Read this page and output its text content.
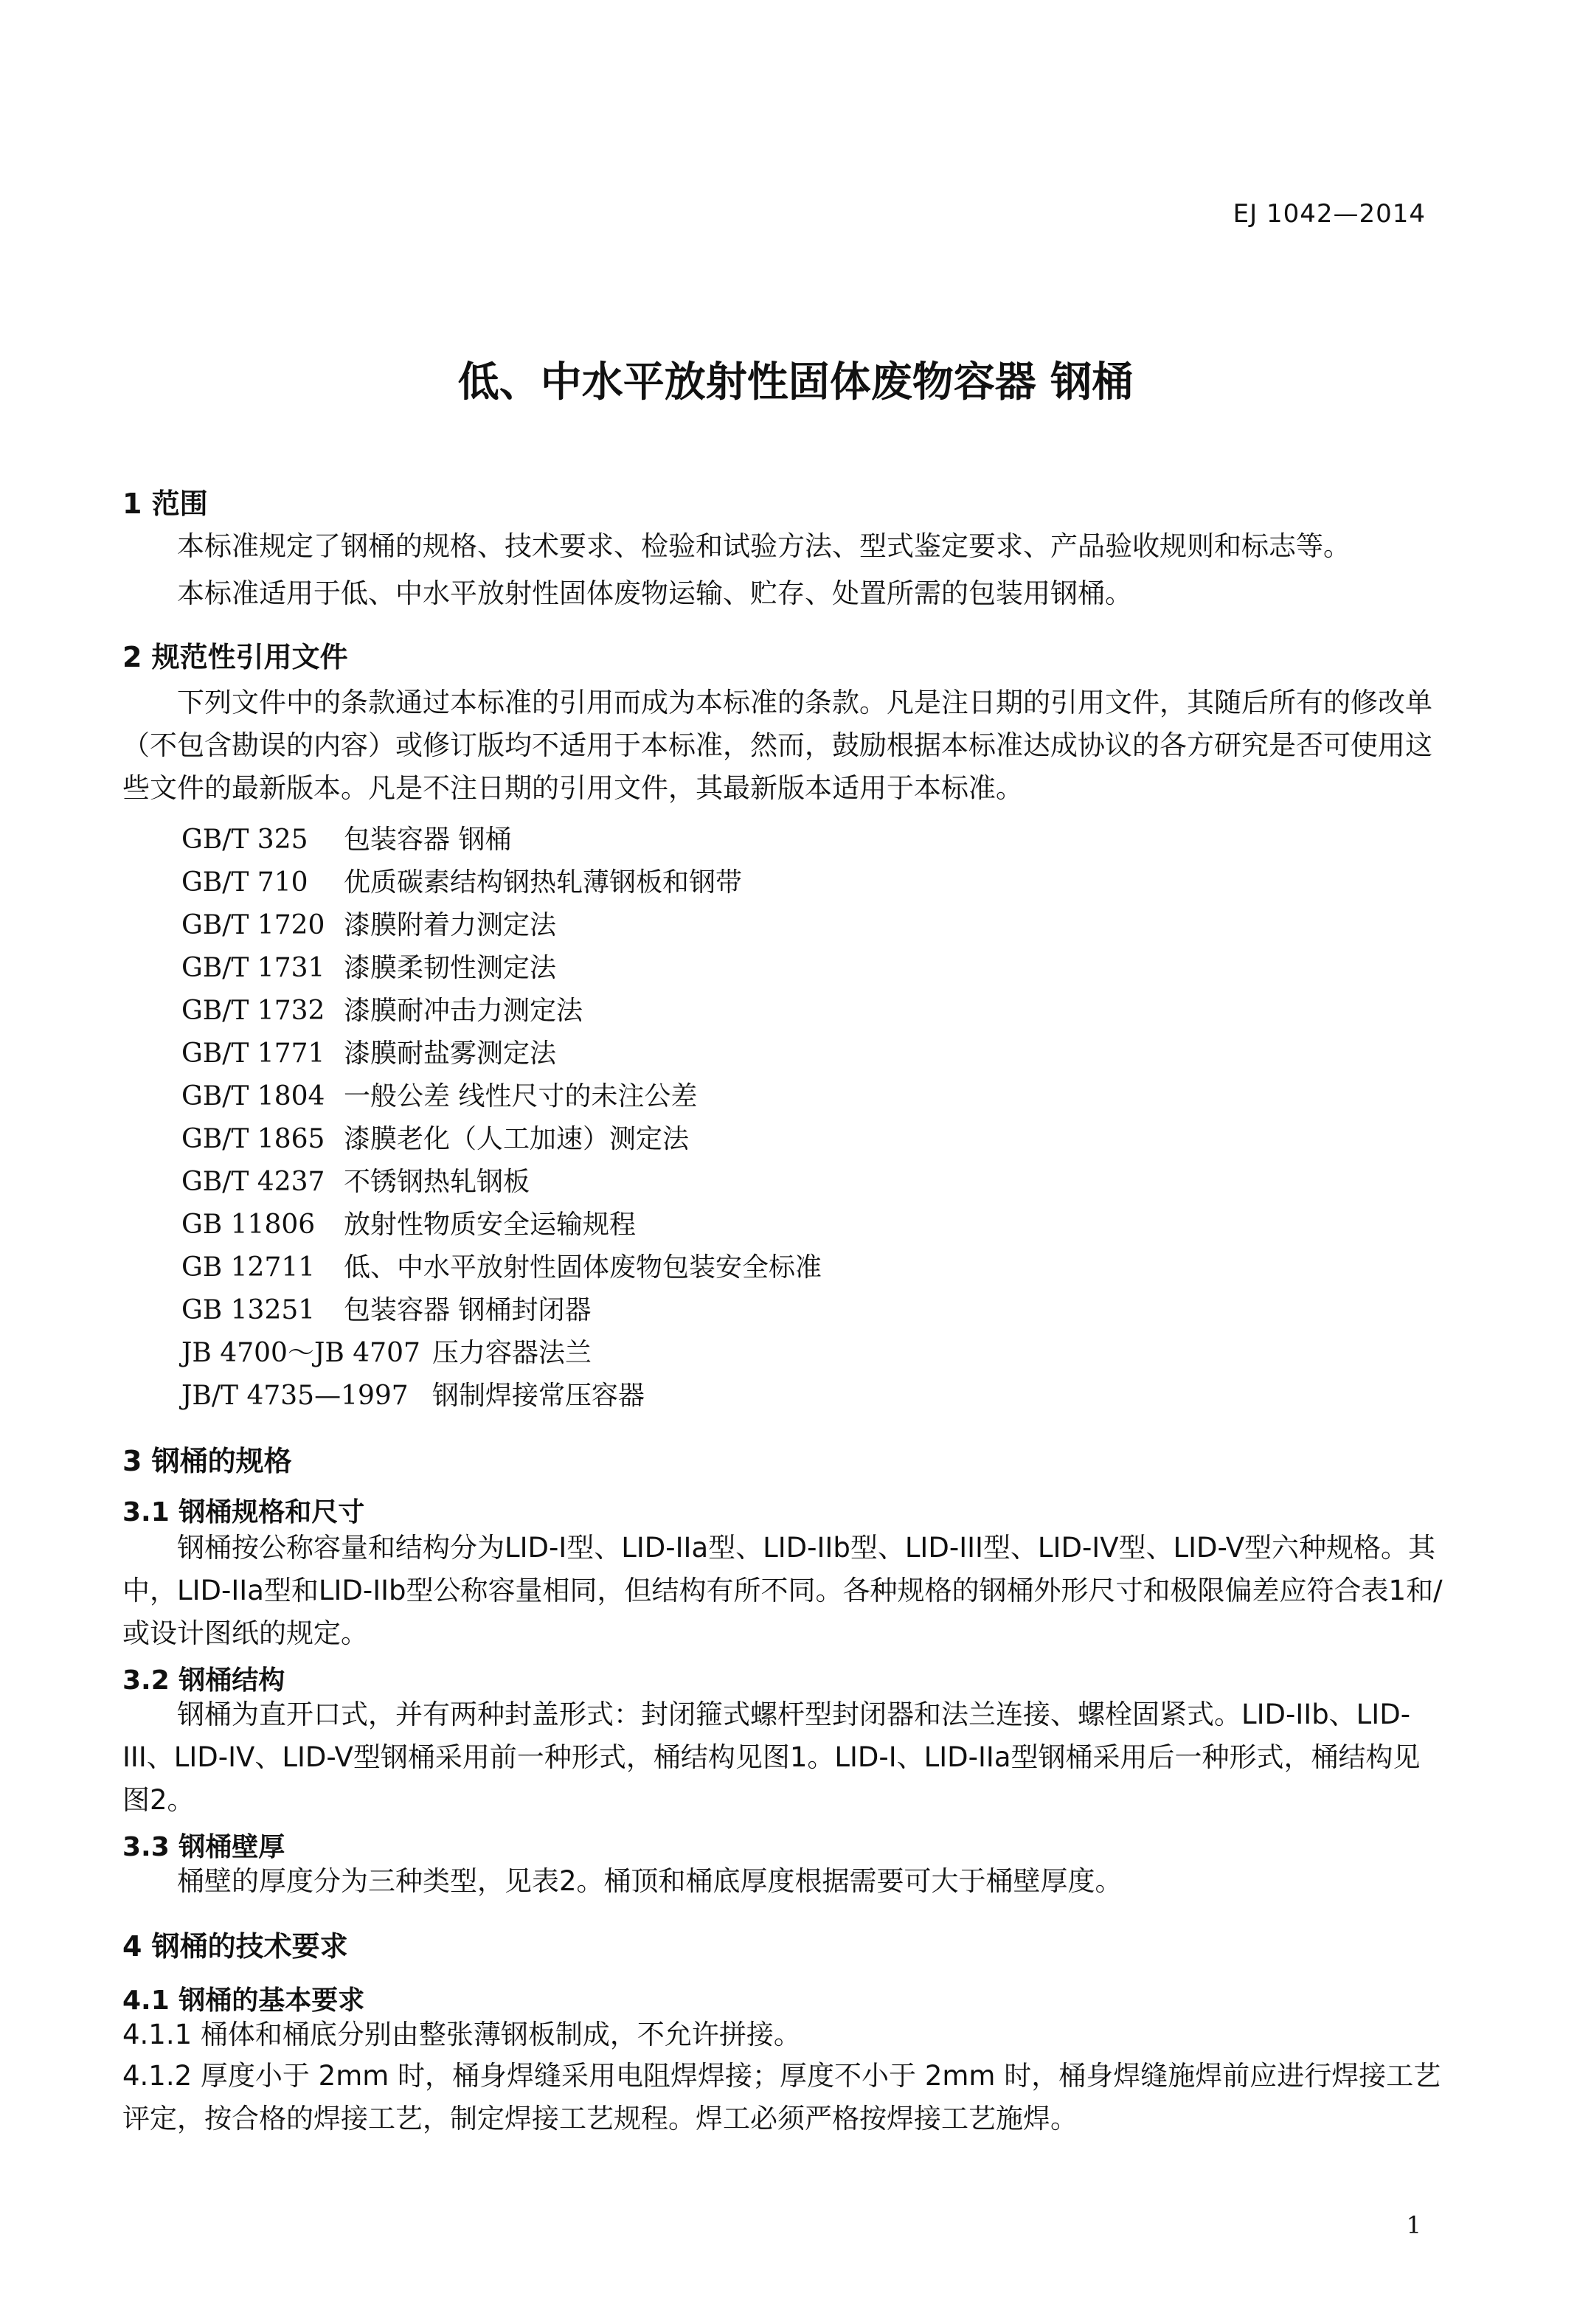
EJ 1042—2014
低、中水平放射性固体废物容器 钢桶
1 范围
本标准规定了钢桶的规格、技术要求、检验和试验方法、型式鉴定要求、产品验收规则和标志等。
本标准适用于低、中水平放射性固体废物运输、贮存、处置所需的包装用钢桶。
2 规范性引用文件
下列文件中的条款通过本标准的引用而成为本标准的条款。凡是注日期的引用文件，其随后所有的修改单（不包含勘误的内容）或修订版均不适用于本标准，然而，鼓励根据本标准达成协议的各方研究是否可使用这些文件的最新版本。凡是不注日期的引用文件，其最新版本适用于本标准。
GB/T 325 包装容器 钢桶
GB/T 710 优质碳素结构钢热轧薄钢板和钢带
GB/T 1720 漆膜附着力测定法
GB/T 1731 漆膜柔韧性测定法
GB/T 1732 漆膜耐冲击力测定法
GB/T 1771 漆膜耐盐雾测定法
GB/T 1804 一般公差 线性尺寸的未注公差
GB/T 1865 漆膜老化（人工加速）测定法
GB/T 4237 不锈钢热轧钢板
GB 11806 放射性物质安全运输规程
GB 12711 低、中水平放射性固体废物包装安全标准
GB 13251 包装容器 钢桶封闭器
JB 4700～JB 4707 压力容器法兰
JB/T 4735—1997 钢制焊接常压容器
3 钢桶的规格
3.1 钢桶规格和尺寸
钢桶按公称容量和结构分为LID-I型、LID-IIa型、LID-IIb型、LID-III型、LID-IV型、LID-V型六种规格。其中，LID-IIa型和LID-IIb型公称容量相同，但结构有所不同。各种规格的钢桶外形尺寸和极限偏差应符合表1和/或设计图纸的规定。
3.2 钢桶结构
钢桶为直开口式，并有两种封盖形式：封闭箍式螺杆型封闭器和法兰连接、螺栓固紧式。LID-IIb、LID-III、LID-IV、LID-V型钢桶采用前一种形式，桶结构见图1。LID-I、LID-IIa型钢桶采用后一种形式，桶结构见图2。
3.3 钢桶壁厚
桶壁的厚度分为三种类型，见表2。桶顶和桶底厚度根据需要可大于桶壁厚度。
4 钢桶的技术要求
4.1 钢桶的基本要求
4.1.1 桶体和桶底分别由整张薄钢板制成，不允许拼接。
4.1.2 厚度小于 2mm 时，桶身焊缝采用电阻焊焊接；厚度不小于 2mm 时，桶身焊缝施焊前应进行焊接工艺评定，按合格的焊接工艺，制定焊接工艺规程。焊工必须严格按焊接工艺施焊。
1
